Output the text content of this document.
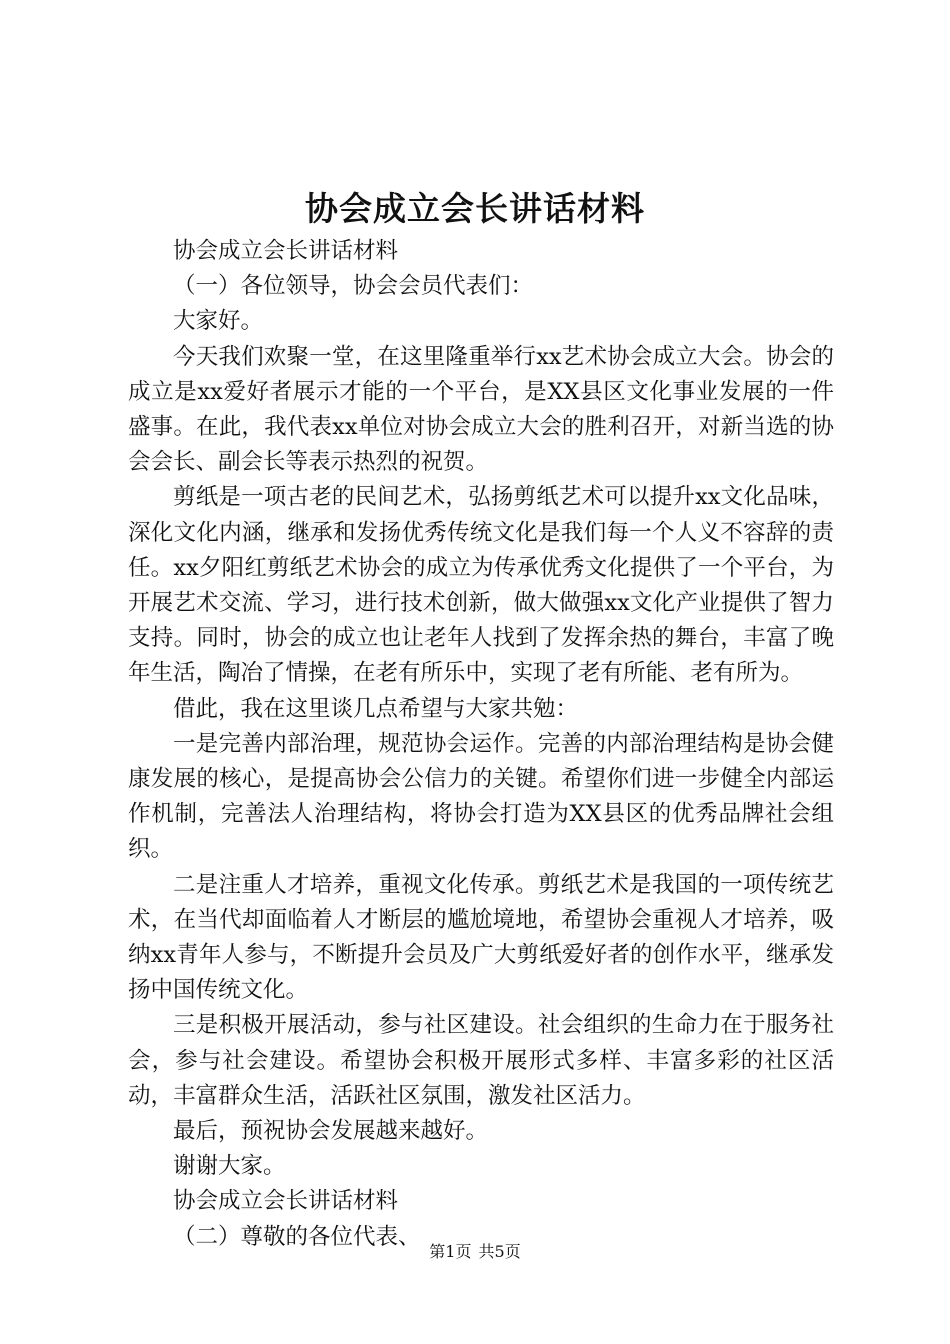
协会成立会长讲话材料

协会成立会长讲话材料

（一）各位领导，协会会员代表们：

大家好。

今天我们欢聚一堂，在这里隆重举行xx艺术协会成立大会。协会的成立是xx爱好者展示才能的一个平台，是XX县区文化事业发展的一件盛事。在此，我代表xx单位对协会成立大会的胜利召开，对新当选的协会会长、副会长等表示热烈的祝贺。

剪纸是一项古老的民间艺术，弘扬剪纸艺术可以提升xx文化品味，深化文化内涵，继承和发扬优秀传统文化是我们每一个人义不容辞的责任。xx夕阳红剪纸艺术协会的成立为传承优秀文化提供了一个平台，为开展艺术交流、学习，进行技术创新，做大做强xx文化产业提供了智力支持。同时，协会的成立也让老年人找到了发挥余热的舞台，丰富了晚年生活，陶冶了情操，在老有所乐中，实现了老有所能、老有所为。

借此，我在这里谈几点希望与大家共勉：

一是完善内部治理，规范协会运作。完善的内部治理结构是协会健康发展的核心，是提高协会公信力的关键。希望你们进一步健全内部运作机制，完善法人治理结构，将协会打造为XX县区的优秀品牌社会组织。

二是注重人才培养，重视文化传承。剪纸艺术是我国的一项传统艺术，在当代却面临着人才断层的尴尬境地，希望协会重视人才培养，吸纳xx青年人参与，不断提升会员及广大剪纸爱好者的创作水平，继承发扬中国传统文化。

三是积极开展活动，参与社区建设。社会组织的生命力在于服务社会，参与社会建设。希望协会积极开展形式多样、丰富多彩的社区活动，丰富群众生活，活跃社区氛围，激发社区活力。

最后，预祝协会发展越来越好。

谢谢大家。

协会成立会长讲话材料

（二）尊敬的各位代表、

第1页 共5页
